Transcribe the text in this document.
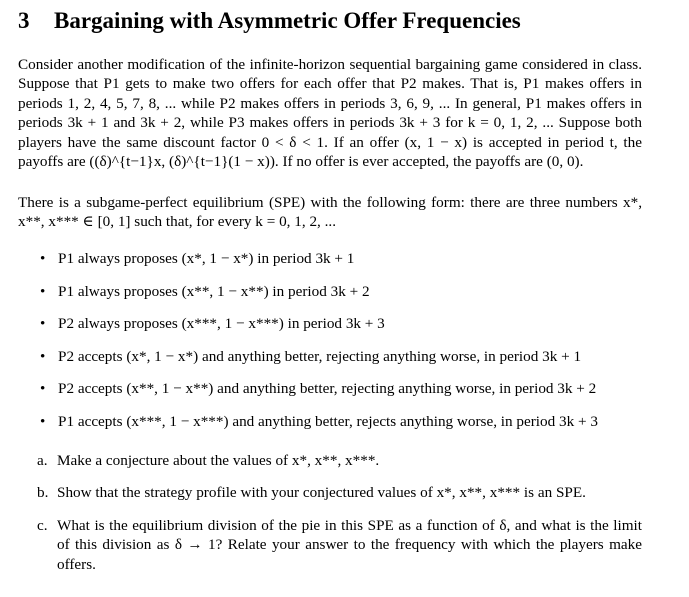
3 Bargaining with Asymmetric Offer Frequencies

Consider another modification of the infinite-horizon sequential bargaining game considered in class. Suppose that P1 gets to make two offers for each offer that P2 makes. That is, P1 makes offers in periods 1, 2, 4, 5, 7, 8, ... while P2 makes offers in periods 3, 6, 9, ... In general, P1 makes offers in periods 3k + 1 and 3k + 2, while P3 makes offers in periods 3k + 3 for k = 0, 1, 2, ... Suppose both players have the same discount factor 0 < δ < 1. If an offer (x, 1 − x) is accepted in period t, the payoffs are ((δ)^{t−1}x, (δ)^{t−1}(1 − x)). If no offer is ever accepted, the payoffs are (0, 0).

There is a subgame-perfect equilibrium (SPE) with the following form: there are three numbers x*, x**, x*** ∈ [0, 1] such that, for every k = 0, 1, 2, ...

• P1 always proposes (x*, 1 − x*) in period 3k + 1
• P1 always proposes (x**, 1 − x**) in period 3k + 2
• P2 always proposes (x***, 1 − x***) in period 3k + 3
• P2 accepts (x*, 1 − x*) and anything better, rejecting anything worse, in period 3k + 1
• P2 accepts (x**, 1 − x**) and anything better, rejecting anything worse, in period 3k + 2
• P1 accepts (x***, 1 − x***) and anything better, rejects anything worse, in period 3k + 3
a. Make a conjecture about the values of x*, x**, x***.
b. Show that the strategy profile with your conjectured values of x*, x**, x*** is an SPE.
c. What is the equilibrium division of the pie in this SPE as a function of δ, and what is the limit of this division as δ → 1? Relate your answer to the frequency with which the players make offers.
